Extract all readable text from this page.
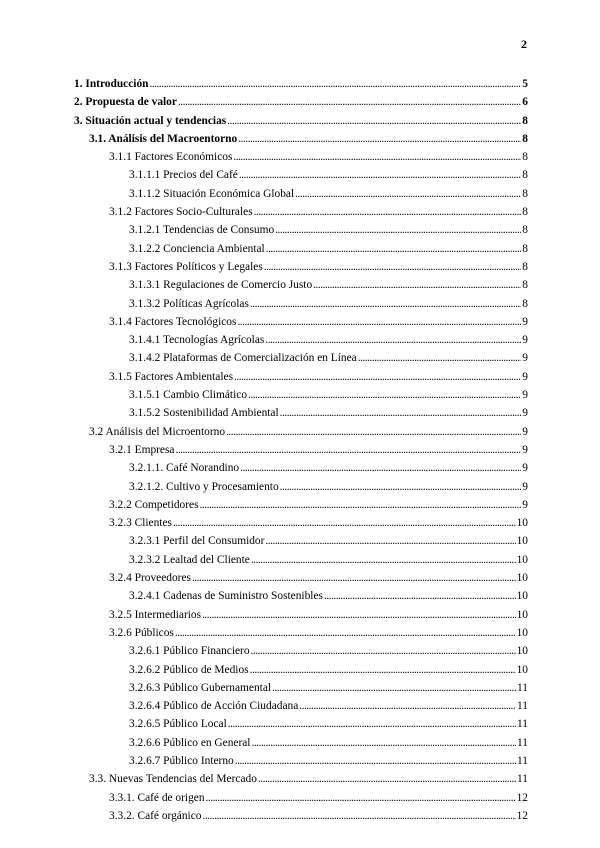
2
1. Introducción .....	5
2. Propuesta de valor .....	6
3. Situación actual y tendencias .....	8
3.1. Análisis del Macroentorno .....	8
3.1.1 Factores Económicos .....	8
3.1.1.1 Precios del Café .....	8
3.1.1.2 Situación Económica Global .....	8
3.1.2 Factores Socio-Culturales .....	8
3.1.2.1 Tendencias de Consumo .....	8
3.1.2.2 Conciencia Ambiental .....	8
3.1.3 Factores Políticos y Legales .....	8
3.1.3.1 Regulaciones de Comercio Justo .....	8
3.1.3.2 Políticas Agrícolas .....	8
3.1.4 Factores Tecnológicos .....	9
3.1.4.1 Tecnologías Agrícolas .....	9
3.1.4.2 Plataformas de Comercialización en Línea .....	9
3.1.5 Factores Ambientales .....	9
3.1.5.1 Cambio Climático .....	9
3.1.5.2 Sostenibilidad Ambiental .....	9
3.2 Análisis del Microentorno .....	9
3.2.1 Empresa .....	9
3.2.1.1. Café Norandino .....	9
3.2.1.2. Cultivo y Procesamiento .....	9
3.2.2 Competidores .....	9
3.2.3 Clientes .....	10
3.2.3.1 Perfil del Consumidor .....	10
3.2.3.2 Lealtad del Cliente .....	10
3.2.4 Proveedores .....	10
3.2.4.1 Cadenas de Suministro Sostenibles .....	10
3.2.5 Intermediarios .....	10
3.2.6 Públicos .....	10
3.2.6.1 Público Financiero .....	10
3.2.6.2 Público de Medios .....	10
3.2.6.3 Público Gubernamental .....	11
3.2.6.4 Público de Acción Ciudadana .....	11
3.2.6.5 Público Local .....	11
3.2.6.6 Público en General .....	11
3.2.6.7 Público Interno .....	11
3.3. Nuevas Tendencias del Mercado .....	11
3.3.1. Café de origen .....	12
3.3.2. Café orgánico .....	12
